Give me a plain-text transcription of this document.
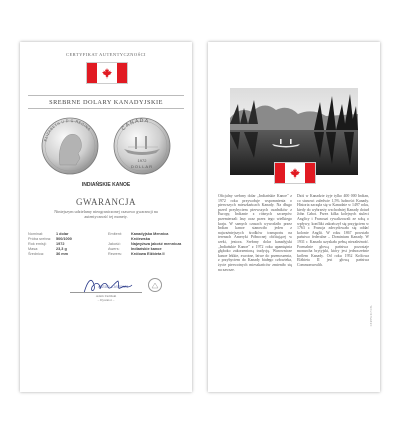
CERTYFIKAT AUTENTYCZNOŚCI
SREBRNE DOLARY KANADYJSKIE
ELIZABETH II D·G·REGINA	CANADA
1972
DOLLAR
INDIAŃSKIE KANOE
GWARANCJA
Niniejszym udzielamy nieograniczonej czasowo gwarancji na autentyczność tej monety.
Nominał:
Próba srebra:
Rok emisji:
Masa:
Średnica:
1 dolar
500/1000
1972
23,3 g
36 mm
Emitent:
Jakość:
Awers:
Rewers:
Kanadyjska Mennica Królewska
Najwyższa jakość mennicza
Indiańskie kanoe
Królowa Elżbieta II
Adam Zieliński
Adam Zieliński
– Dyrektor –
Oficjalny srebrny dolar „Indiańskie Kanoe" z 1972 roku przywołuje wspomnienia o pierwszych mieszkańcach Kanady. Na długo przed przybyciem pierwszych osadników z Europy, Indianie z różnych szczepów przemierzali lasy oraz przez tego wielkiego kraju. W samych czasach wywodziło przez Indian kanoe stanowiło jeden z najważniejszych środków transportu na terenach Ameryki Północnej obfitującej w rzeki, jeziora. Srebrny dolar kanadyjski „Indiańskie Kanoe" z 1972 roku upamiętnia głęboko zakorzenioną tradycję. Warownicze kanoe lekkie, zwrotne, łatwe do przenoszenia, z przybyciem do Kanady białego człowieka, życie pierwotnych mieszkańców zmieniło się na zawsze.
Dziś w Kanadzie żyje tylko 400 000 Indian, co stanowi zaledwie 1,5% ludności Kanady. Historia zaczęła się w Kanadzie w 1497 roku, kiedy do wybrzeży wschodniej Kanady dotarł John Cabot. Przez kilka kolejnych stuleci Anglicy i Francuzi rywalizowali ze sobą o wpływy, konflikt zakończył się przyjęciem w 1763 r. Francja zdecydowała się oddać kolonie Anglii. W roku 1867 powstało państwo federalne – Dominium Kanady. W 1931 r. Kanada uzyskała pełną niezależność. Formalnie głową państwa pozostaje monarcha brytyjski, który jest jednocześnie królem Kanady. Od roku 1952 Królowa Elżbieta II jest głową państwa Commonwealth.
CERTW 0173 PL
